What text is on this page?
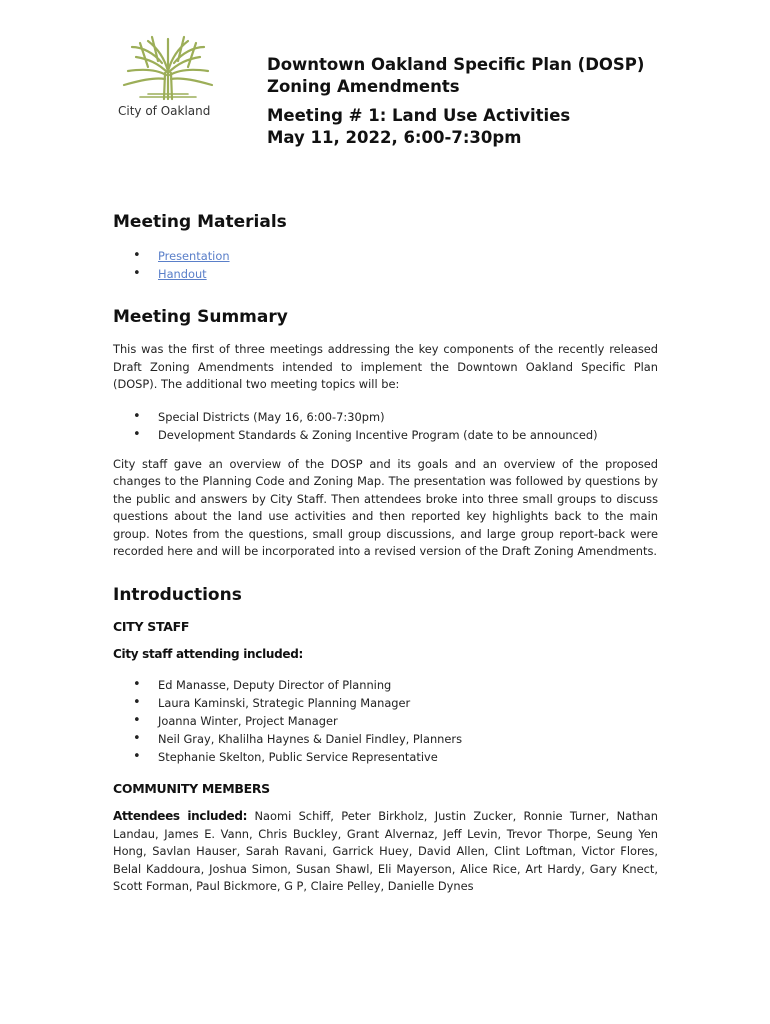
City of Oakland
Downtown Oakland Specific Plan (DOSP)
Zoning Amendments
Meeting # 1: Land Use Activities
May 11, 2022, 6:00-7:30pm
Meeting Materials
• Presentation
• Handout
Meeting Summary

This was the first of three meetings addressing the key components of the recently released Draft Zoning Amendments intended to implement the Downtown Oakland Specific Plan (DOSP). The additional two meeting topics will be:

• Special Districts (May 16, 6:00-7:30pm)
• Development Standards & Zoning Incentive Program (date to be announced)

City staff gave an overview of the DOSP and its goals and an overview of the proposed changes to the Planning Code and Zoning Map. The presentation was followed by questions by the public and answers by City Staff. Then attendees broke into three small groups to discuss questions about the land use activities and then reported key highlights back to the main group. Notes from the questions, small group discussions, and large group report-back were recorded here and will be incorporated into a revised version of the Draft Zoning Amendments.

Introductions
CITY STAFF

City staff attending included:

• Ed Manasse, Deputy Director of Planning
• Laura Kaminski, Strategic Planning Manager
• Joanna Winter, Project Manager
• Neil Gray, Khalilha Haynes & Daniel Findley, Planners
• Stephanie Skelton, Public Service Representative
COMMUNITY MEMBERS

Attendees included: Naomi Schiff, Peter Birkholz, Justin Zucker, Ronnie Turner, Nathan Landau, James E. Vann, Chris Buckley, Grant Alvernaz, Jeff Levin, Trevor Thorpe, Seung Yen Hong, Savlan Hauser, Sarah Ravani, Garrick Huey, David Allen, Clint Loftman, Victor Flores, Belal Kaddoura, Joshua Simon, Susan Shawl, Eli Mayerson, Alice Rice, Art Hardy, Gary Knect, Scott Forman, Paul Bickmore, G P, Claire Pelley, Danielle Dynes
